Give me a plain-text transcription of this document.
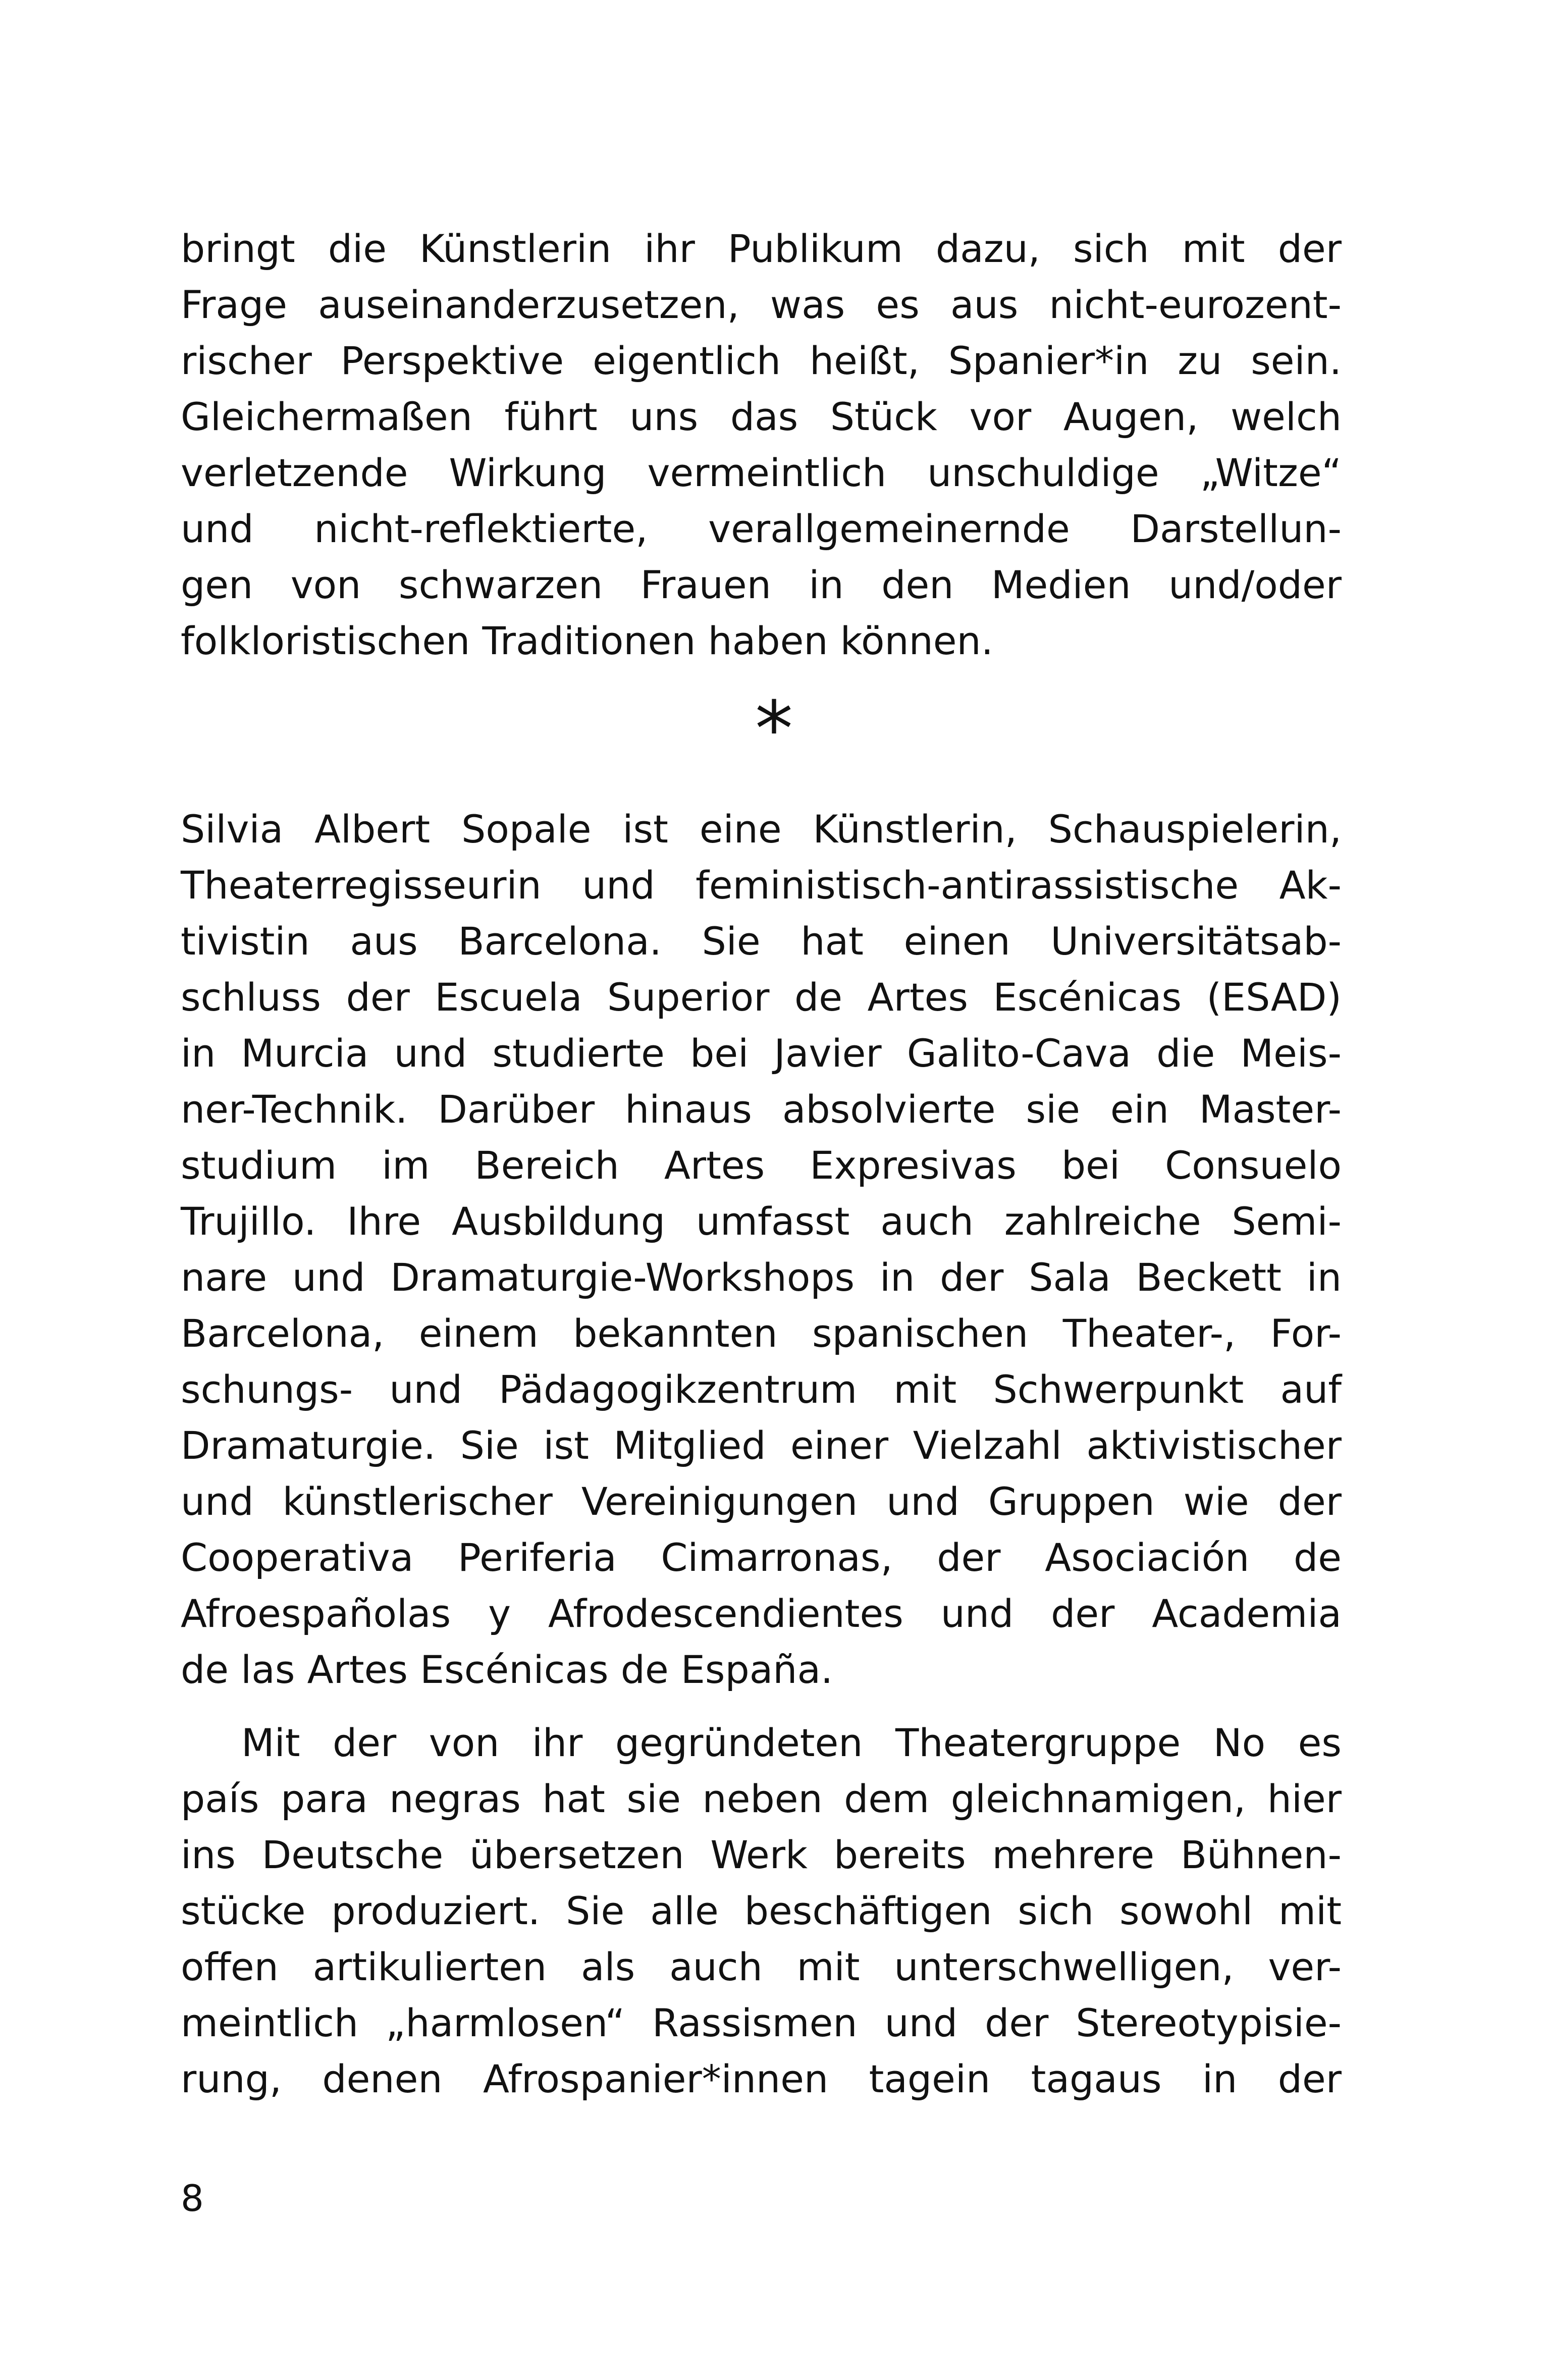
bringt die Künstlerin ihr Publikum dazu, sich mit der
Frage auseinanderzusetzen, was es aus nicht-eurozent-
rischer Perspektive eigentlich heißt, Spanier*in zu sein.
Gleichermaßen führt uns das Stück vor Augen, welch
verletzende Wirkung vermeintlich unschuldige „Witze“
und nicht-reflektierte, verallgemeinernde Darstellun-
gen von schwarzen Frauen in den Medien und/oder
folkloristischen Traditionen haben können.
*
Silvia Albert Sopale ist eine Künstlerin, Schauspielerin,
Theaterregisseurin und feministisch-antirassistische Ak-
tivistin aus Barcelona. Sie hat einen Universitätsab-
schluss der Escuela Superior de Artes Escénicas (ESAD)
in Murcia und studierte bei Javier Galito-Cava die Meis-
ner-Technik. Darüber hinaus absolvierte sie ein Master-
studium im Bereich Artes Expresivas bei Consuelo
Trujillo. Ihre Ausbildung umfasst auch zahlreiche Semi-
nare und Dramaturgie-Workshops in der Sala Beckett in
Barcelona, einem bekannten spanischen Theater-, For-
schungs- und Pädagogikzentrum mit Schwerpunkt auf
Dramaturgie. Sie ist Mitglied einer Vielzahl aktivistischer
und künstlerischer Vereinigungen und Gruppen wie der
Cooperativa Periferia Cimarronas, der Asociación de
Afroespañolas y Afrodescendientes und der Academia
de las Artes Escénicas de España.
Mit der von ihr gegründeten Theatergruppe No es
país para negras hat sie neben dem gleichnamigen, hier
ins Deutsche übersetzen Werk bereits mehrere Bühnen-
stücke produziert. Sie alle beschäftigen sich sowohl mit
offen artikulierten als auch mit unterschwelligen, ver-
meintlich „harmlosen“ Rassismen und der Stereotypisie-
rung, denen Afrospanier*innen tagein tagaus in der
8
